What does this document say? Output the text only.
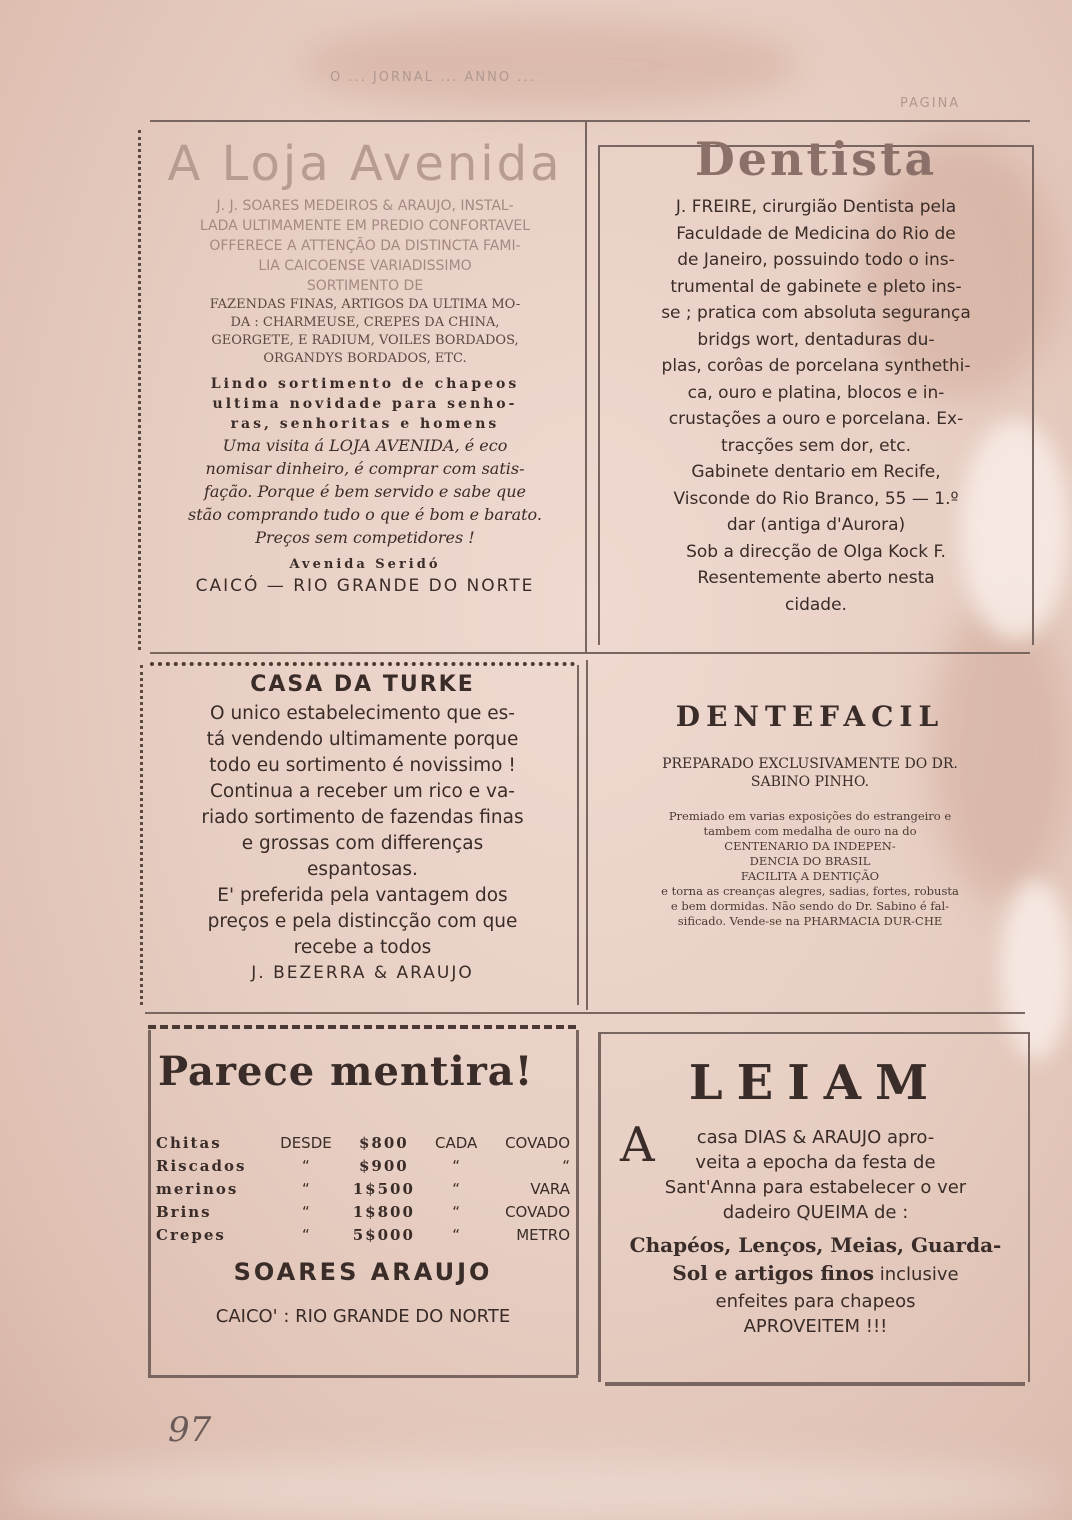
O ... JORNAL ... ANNO ...
PAGINA
A Loja Avenida
J. J. SOARES MEDEIROS & ARAUJO, INSTAL-
LADA ULTIMAMENTE EM PREDIO CONFORTAVEL
OFFERECE A ATTENÇÃO DA DISTINCTA FAMI-
LIA CAICOENSE VARIADISSIMO
SORTIMENTO DE
FAZENDAS FINAS, ARTIGOS DA ULTIMA MO-
DA : CHARMEUSE, CREPES DA CHINA,
GEORGETE, E RADIUM, VOILES BORDADOS,
ORGANDYS BORDADOS, ETC.
Lindo sortimento de chapeos
ultima novidade para senho-
ras, senhoritas e homens
Uma visita á LOJA AVENIDA, é eco
nomisar dinheiro, é comprar com satis-
fação. Porque é bem servido e sabe que
stão comprando tudo o que é bom e barato.
Preços sem competidores !
Avenida Seridó
CAICÓ — RIO GRANDE DO NORTE
Dentista
J. FREIRE, cirurgião Dentista pela
Faculdade de Medicina do Rio de
de Janeiro, possuindo todo o ins-
trumental de gabinete e pleto ins-
se ; pratica com absoluta segurança
bridgs wort, dentaduras du-
plas, corôas de porcelana synthethi-
ca, ouro e platina, blocos e in-
crustações a ouro e porcelana. Ex-
tracções sem dor, etc.
Gabinete dentario em Recife,
Visconde do Rio Branco, 55 — 1.º
dar (antiga d'Aurora)
Sob a direcção de Olga Kock F.
Resentemente aberto nesta
cidade.
CASA DA TURKE
O unico estabelecimento que es-
tá vendendo ultimamente porque
todo eu sortimento é novissimo !
Continua a receber um rico e va-
riado sortimento de fazendas finas
e grossas com differenças
espantosas.
E' preferida pela vantagem dos
preços e pela distincção com que
recebe a todos
J. BEZERRA & ARAUJO
DENTEFACIL
PREPARADO EXCLUSIVAMENTE DO DR.
SABINO PINHO.
Premiado em varias exposições do estrangeiro e
tambem com medalha de ouro na do
CENTENARIO DA INDEPEN-
DENCIA DO BRASIL
FACILITA A DENTIÇÃO
e torna as creanças alegres, sadias, fortes, robusta
e bem dormidas. Não sendo do Dr. Sabino é fal-
sificado. Vende-se na PHARMACIA DUR-CHE
Parece mentira!
Chitas	DESDE	$800	CADA	COVADO
Riscados	“	$900	“	“
merinos	“	1$500	“	VARA
Brins	“	1$800	“	COVADO
Crepes	“	5$000	“	METRO
SOARES ARAUJO
CAICO' : RIO GRANDE DO NORTE
LEIAM
A	casa DIAS & ARAUJO apro-
veita a epocha da festa de
Sant'Anna para estabelecer o ver
dadeiro QUEIMA de :
Chapéos, Lenços, Meias, Guarda-
Sol e artigos finos inclusive
enfeites para chapeos
APROVEITEM !!!
97
